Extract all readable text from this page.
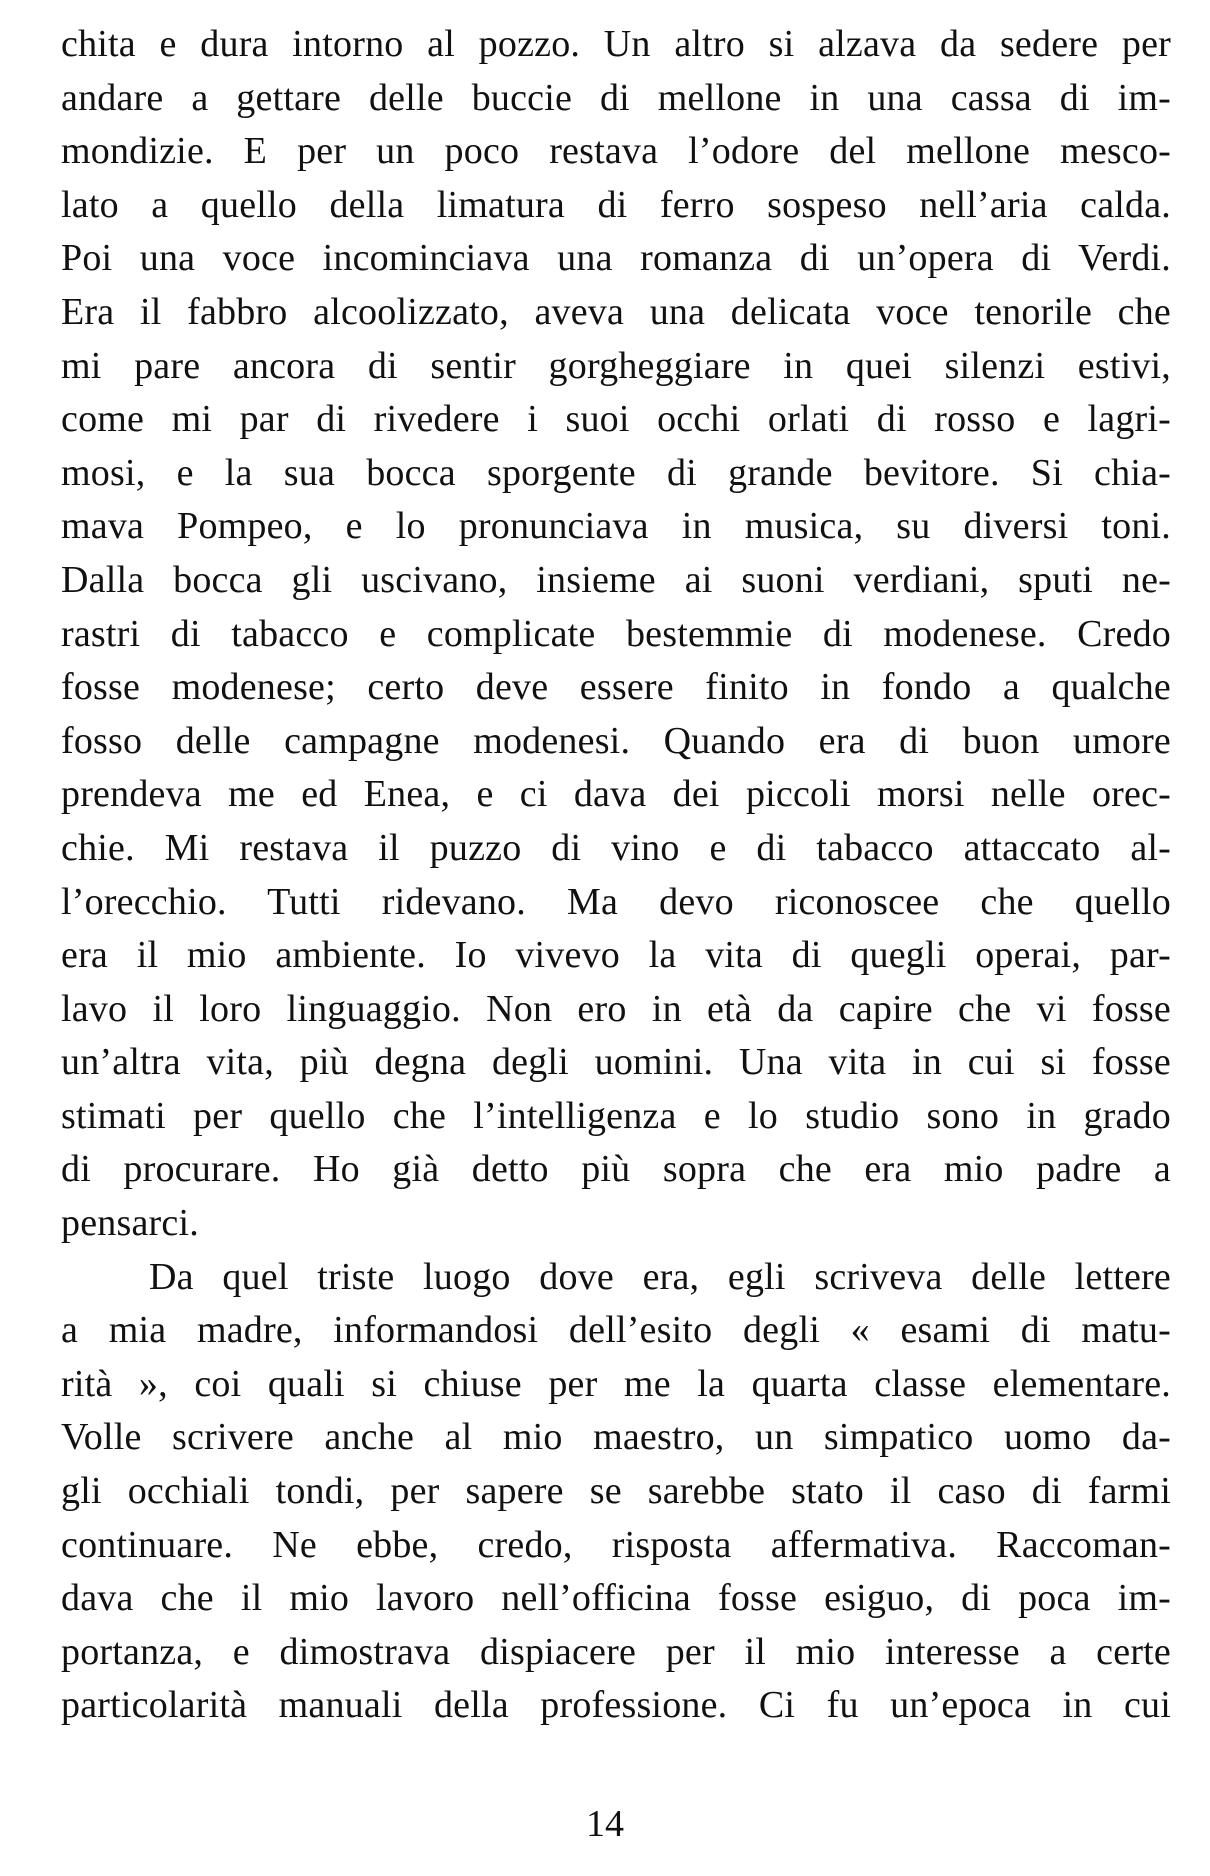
chita e dura intorno al pozzo. Un altro si alzava da sedere per
andare a gettare delle buccie di mellone in una cassa di im-
mondizie. E per un poco restava l’odore del mellone mesco-
lato a quello della limatura di ferro sospeso nell’aria calda.
Poi una voce incominciava una romanza di un’opera di Verdi.
Era il fabbro alcoolizzato, aveva una delicata voce tenorile che
mi pare ancora di sentir gorgheggiare in quei silenzi estivi,
come mi par di rivedere i suoi occhi orlati di rosso e lagri-
mosi, e la sua bocca sporgente di grande bevitore. Si chia-
mava Pompeo, e lo pronunciava in musica, su diversi toni.
Dalla bocca gli uscivano, insieme ai suoni verdiani, sputi ne-
rastri di tabacco e complicate bestemmie di modenese. Credo
fosse modenese; certo deve essere finito in fondo a qualche
fosso delle campagne modenesi. Quando era di buon umore
prendeva me ed Enea, e ci dava dei piccoli morsi nelle orec-
chie. Mi restava il puzzo di vino e di tabacco attaccato al-
l’orecchio. Tutti ridevano. Ma devo riconoscee che quello
era il mio ambiente. Io vivevo la vita di quegli operai, par-
lavo il loro linguaggio. Non ero in età da capire che vi fosse
un’altra vita, più degna degli uomini. Una vita in cui si fosse
stimati per quello che l’intelligenza e lo studio sono in grado
di procurare. Ho già detto più sopra che era mio padre a
pensarci.
Da quel triste luogo dove era, egli scriveva delle lettere
a mia madre, informandosi dell’esito degli « esami di matu-
rità », coi quali si chiuse per me la quarta classe elementare.
Volle scrivere anche al mio maestro, un simpatico uomo da-
gli occhiali tondi, per sapere se sarebbe stato il caso di farmi
continuare. Ne ebbe, credo, risposta affermativa. Raccoman-
dava che il mio lavoro nell’officina fosse esiguo, di poca im-
portanza, e dimostrava dispiacere per il mio interesse a certe
particolarità manuali della professione. Ci fu un’epoca in cui
14
